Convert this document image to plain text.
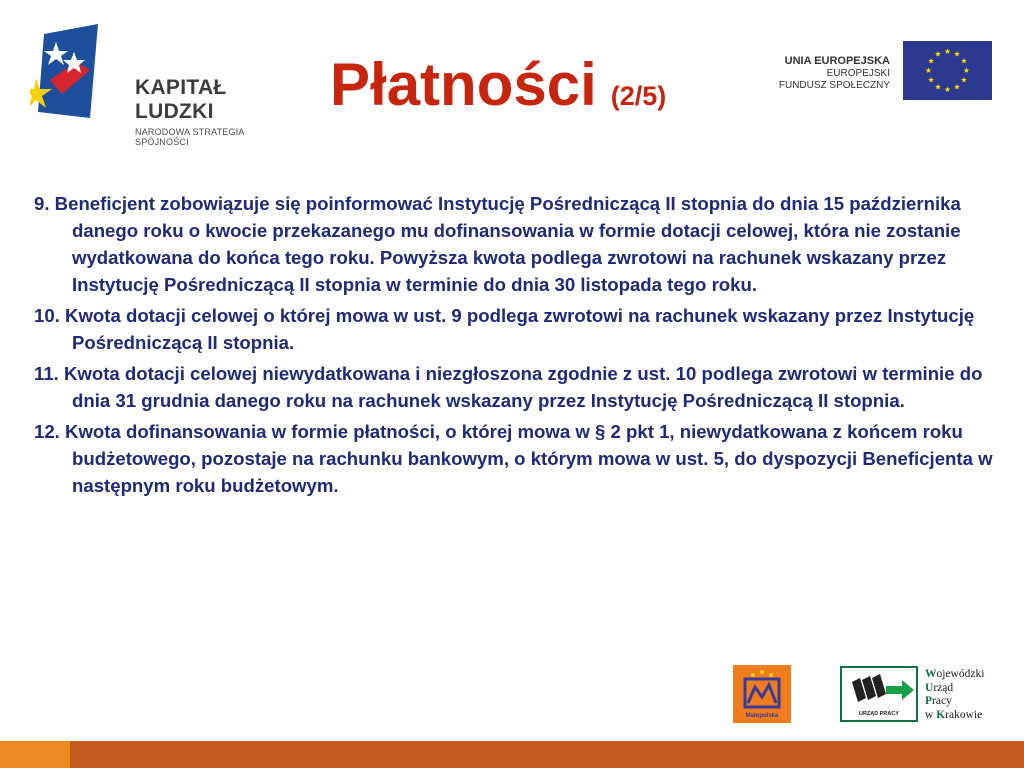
KAPITAŁ LUDZKI
NARODOWA STRATEGIA SPÓJNOŚCI
Płatności (2/5)
UNIA EUROPEJSKA
EUROPEJSKI
FUNDUSZ SPOŁECZNY

9. Beneficjent zobowiązuje się poinformować Instytucję Pośredniczącą II stopnia do dnia 15 października danego roku o kwocie przekazanego mu dofinansowania w formie dotacji celowej, która nie zostanie wydatkowana do końca tego roku. Powyższa kwota podlega zwrotowi na rachunek wskazany przez Instytucję Pośredniczącą II stopnia w terminie do dnia 30 listopada tego roku.

10. Kwota dotacji celowej o której mowa w ust. 9 podlega zwrotowi na rachunek wskazany przez Instytucję Pośredniczącą II stopnia.

11. Kwota dotacji celowej niewydatkowana i niezgłoszona zgodnie z ust. 10 podlega zwrotowi w terminie do dnia 31 grudnia danego roku na rachunek wskazany przez Instytucję Pośredniczącą II stopnia.

12. Kwota dofinansowania w formie płatności, o której mowa w § 2 pkt 1, niewydatkowana z końcem roku budżetowego, pozostaje na rachunku bankowym, o którym mowa w ust. 5, do dyspozycji Beneficjenta w następnym roku budżetowym.

Małopolska	URZĄD PRACY
Wojewódzki
Urząd
Pracy
w Krakowie
